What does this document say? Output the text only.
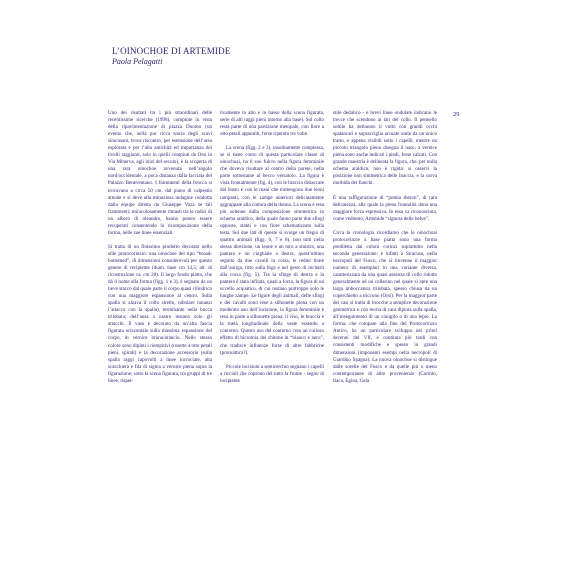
L’OINOCHOE DI ARTEMIDE

Paola Pelagatti

29

Uno dei risultati tra i più straordinari delle recentissime ricerche (1998), compiute in vista della ripavimentazione di piazza Duomo (un evento che, nella pur ricca storia degli scavi siracusani, trova riscontro, per estensione dell’area esplorata e per l’alta antichità ed importanza dei livelli raggiunti, solo in quelli compiuti da Orsi in Via Minerva, agli inizi del secolo), è la scoperta di una rara oinochoe avvenuta nell’angolo nord/occidentale, a poca distanza dalla facciata del Palazzo Beneventano. I frammenti della brocca si trovavano a circa 50 cm. dal piano di calpestio attuale e si deve alla minuziosa indagine condotta dalla équipe diretta da Giuseppe Voza se tali frammenti, miracolosamente rimasti tra le radici di un albero di oleandro, hanno potuto essere recuperati consentendo la ricomposizione della forma, nelle sue linee essenziali.

Si tratta di un finissimo prodotto decorato nello stile protocorinzio: una oinochoe del tipo “broad-bottomed”, di dimensioni considerevoli per questo genere di recipiente (diam. base cm 14,5; alt. di ricostruzione ca. cm 20). Il largo fondo piatto, che dà il nome alla forma (figg. 1 e 3), è segnato da un lieve stacco dal quale parte il corpo quasi cilindrico con una maggiore espansione al centro. Sulla spalla si alzava il collo stretto, tubolare innanzi l’attacco con la spalla), terminante nella bocca trilobata; dell’ansa a nastro restano solo gli attacchi. Il vaso è decorato da un’alta fascia figurata orizzontale sulla massima espansione del corpo, in vernice bruno/arancio. Nello stesso colore sono dipinti i riempitivi (rosette a otto petali pieni, spirali) e la decorazione accessoria (sulla spalla raggi capovolti a linee incrociate, alta scacchiera e fila di sigma a vernice piena sopra la figurazione; sotto la scena figurata, tra gruppi di tre linee, rispet-

tivamente in alto e in basso della scena figurata, serie di alti raggi pieni intorno alla base). Sul collo resta parte di una partizione metopale, con fiore a otto petali appuntiti, forse ripetuto tre volte.

La scena (figg. 2 e 3), insolitamente complessa, se si tiene conto di questa particolare classe di oinochoai, ha il suo fulcro nella figura femminile che doveva risultare al centro della parete, nella parte sottostante al becco versatoio. La figura è vista frontalmente (fig. 4), con le braccia distaccate dal busto e con le mani che trattengono due leoni rampanti, con le zampe anteriori delicatamente aggrappate alla cintura della donna. La scena è resa più solenne dalla composizione simmetrica in schema araldico, della quale fanno parte due sfingi opposte, stanti e con fiore schematizzato sulla testa. Sui due lati di queste si svolge un fregio di quattro animali (figg. 6, 7 e 8), non tutti nella stessa direzione, un leone e un toro a sinistra, una pantera e un cinghiale a destra, quest’ultimo seguito da due cavalli in corsa, le redini tirate dall’auriga, ritto sulla biga e nel gesto di incitarli alla corsa (fig. 5). Tra la sfinge di destra e la pantera è stata infilata, quasi a forza, la figura di un uccello acquatico, di cui restano purtroppo solo le lunghe zampe. Le figure degli animali, delle sfingi e dei cavalli sono rese a silhouette piena con un moderato uso dell’incisione, la figura femminile è resa in parte a silhouette piena, il viso, le braccia e la metà longitudinale della veste essendo a contorno. Questo uso del contorno crea un curioso effetto di bicromia del chitone in “bianco e nero”, che tradisce influenze forse di altre fabbriche (protoattica?).

Piccole incisioni a semicerchio segnano i capelli a riccioli che coprono del tutto la fronte - segno di incipiente

stile dedalico - e brevi linee ondulate indicano le trecce che scendono ai lati del collo. Il pennello sottile ha delineato il volto con grandi occhi spalancati e sopracciglia arcuate unite da un unico tratto, e appena visibili sotto i capelli, mentre un piccolo triangolo pieno disegna il naso; a vernice piena sono anche indicati i piedi, forse calzati. Con grande maestria è delineata la figura, che, per nulla schema araldico, non è rigida: si osservi la posizione non simmetrica delle braccia, e la curva morbida dei fianchi.

È una raffigurazione di “potnia theron”, di rara delicatezza, alla quale la piena frontalità dona una maggiore forza espressiva. In essa va riconosciuta, come vedremo, Artemide “signora delle belve”.

Circa la cronologia ricordiamo che le oinochoai protocorinzie a base piatta sono una forma prediletta dai coloni corinzi soprattutto nella seconda generazione: è infatti a Siracusa, nella necropoli del Fusco, che si rinvenne il maggior numero di esemplari in una variante diversa, caratterizzata da una quasi assenza di collo ridotto generalmente ad un collarino nel quale si apre una larga imboccatura trilobata, spesso chiusa da un coperchietto a triccono (Orsi). Per la maggior parte dei casi si tratta di brocche a semplice decorazione geometrica o con teoria di cani dipinta sulla spalla, all’inseguimento di un coniglio o di una lepre. La forma, che compare alla fine del Protocorinzio Antico, ha un particolare sviluppo nei primi decenni del VII, e continua più tardi con consistenti modifiche e spesso in grandi dimensioni (imponenti esempi nella necropoli di Giardino Spagna). La nuova oinochoe si distingue dalle sorelle del Fusco e da quelle più o meno contemporanee di altre provenienze (Corinto, Itaca, Egina, Gela
